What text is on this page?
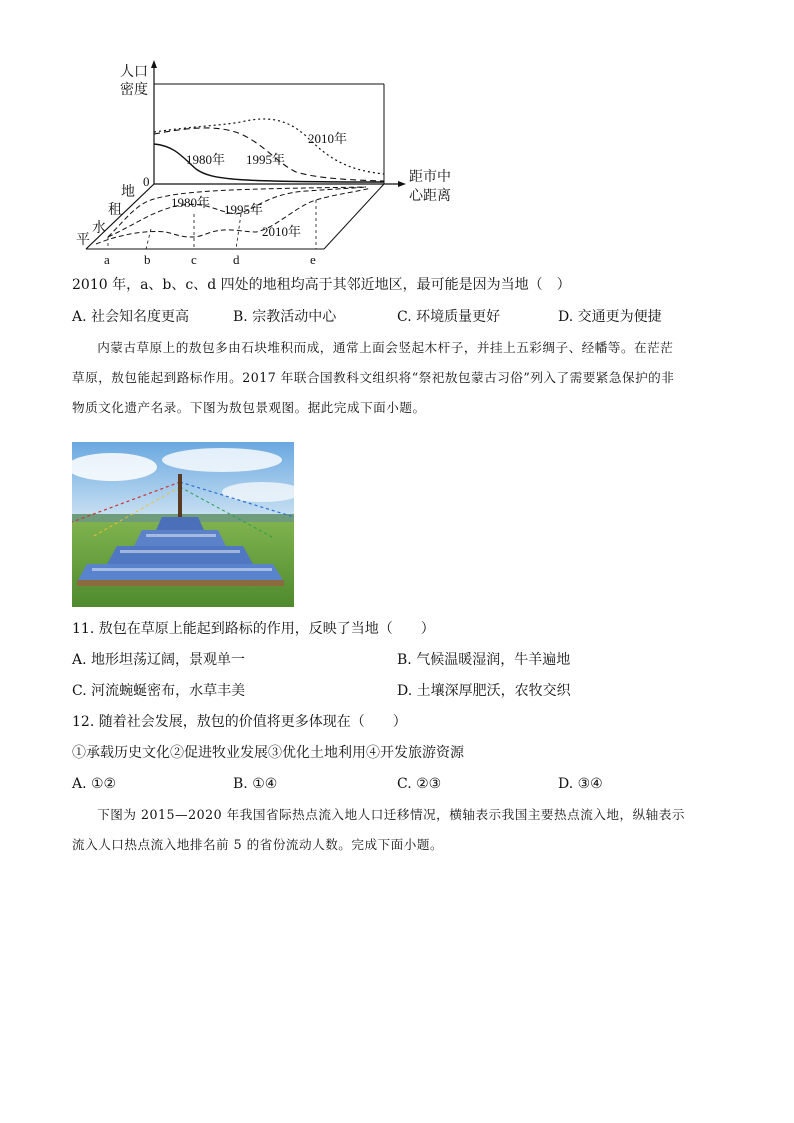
人口
密度
0	距市中
心距离
1980年 1995年
2010年
地
租
水
平
1980年 1995年
2010年
a	b	c	d	e
2010 年，a、b、c、d 四处的地租均高于其邻近地区，最可能是因为当地（　）
A. 社会知名度更高	B. 宗教活动中心	C. 环境质量更好	D. 交通更为便捷
内蒙古草原上的敖包多由石块堆积而成，通常上面会竖起木杆子，并挂上五彩绸子、经幡等。在茫茫
草原，敖包能起到路标作用。2017 年联合国教科文组织将“祭祀敖包蒙古习俗”列入了需要紧急保护的非
物质文化遗产名录。下图为敖包景观图。据此完成下面小题。
11. 敖包在草原上能起到路标的作用，反映了当地（　　）
A. 地形坦荡辽阔，景观单一	B. 气候温暖湿润，牛羊遍地
C. 河流蜿蜒密布，水草丰美	D. 土壤深厚肥沃，农牧交织
12. 随着社会发展，敖包的价值将更多体现在（　　）
①承载历史文化②促进牧业发展③优化土地利用④开发旅游资源
A. ①②	B. ①④	C. ②③	D. ③④
下图为 2015—2020 年我国省际热点流入地人口迁移情况，横轴表示我国主要热点流入地，纵轴表示
流入人口热点流入地排名前 5 的省份流动人数。完成下面小题。
